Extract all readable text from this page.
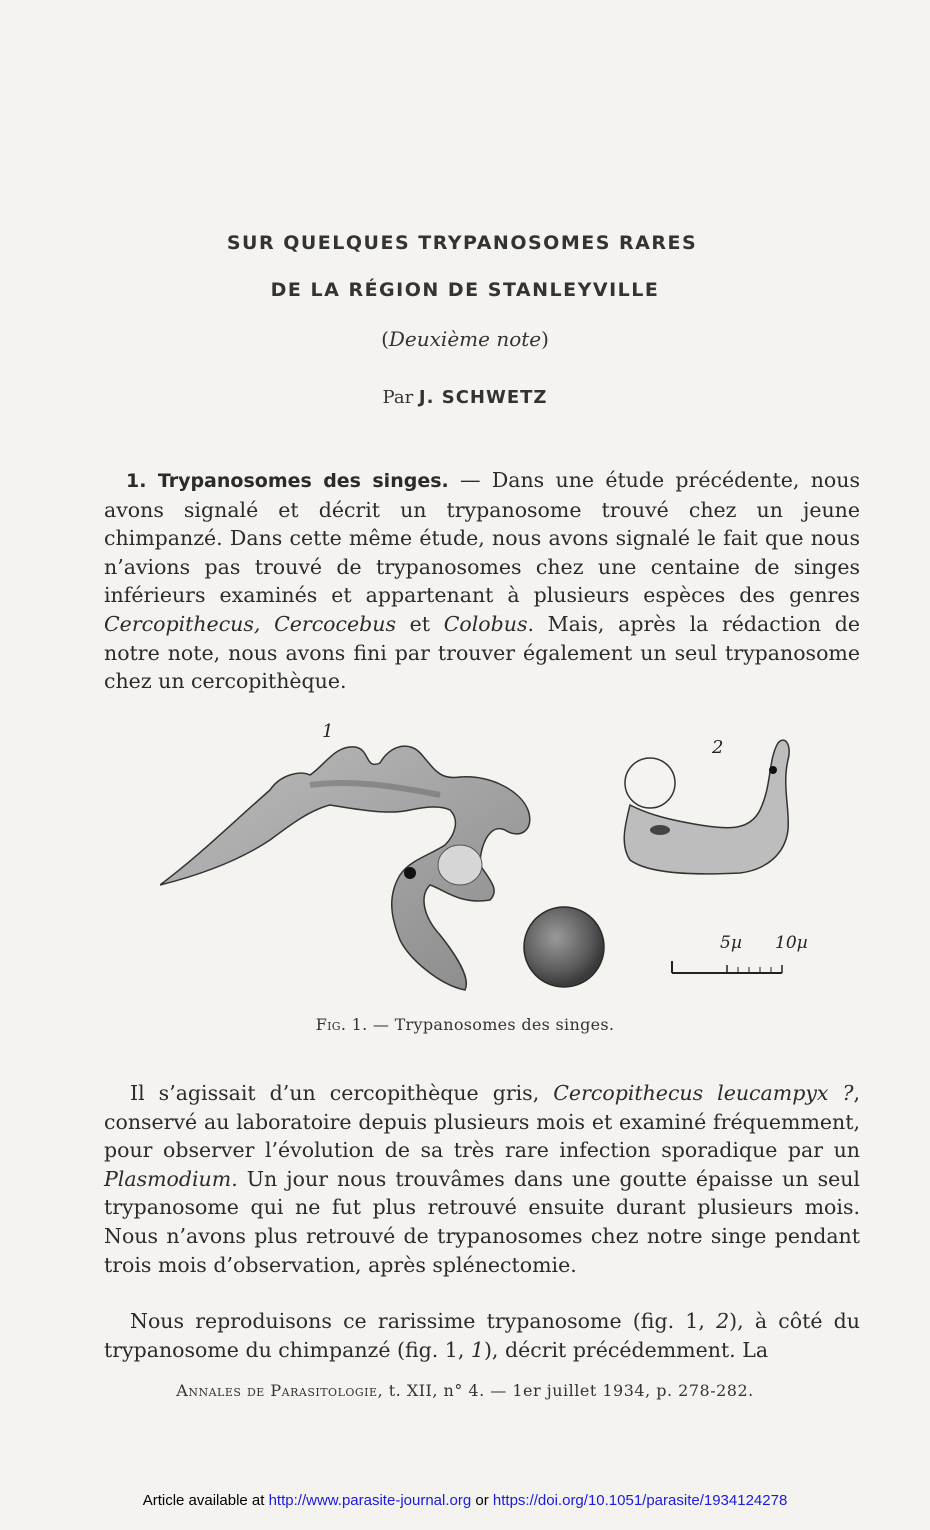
SUR QUELQUES TRYPANOSOMES RARES
DE LA RÉGION DE STANLEYVILLE
(Deuxième note)
Par J. SCHWETZ
1. Trypanosomes des singes. — Dans une étude précédente, nous avons signalé et décrit un trypanosome trouvé chez un jeune chimpanzé. Dans cette même étude, nous avons signalé le fait que nous n’avions pas trouvé de trypanosomes chez une centaine de singes inférieurs examinés et appartenant à plusieurs espèces des genres Cercopithecus, Cercocebus et Colobus. Mais, après la rédaction de notre note, nous avons fini par trouver également un seul trypanosome chez un cercopithèque.
1
2
5µ 10µ
Fig. 1. — Trypanosomes des singes.
Il s’agissait d’un cercopithèque gris, Cercopithecus leucampyx ?, conservé au laboratoire depuis plusieurs mois et examiné fréquemment, pour observer l’évolution de sa très rare infection sporadique par un Plasmodium. Un jour nous trouvâmes dans une goutte épaisse un seul trypanosome qui ne fut plus retrouvé ensuite durant plusieurs mois. Nous n’avons plus retrouvé de trypanosomes chez notre singe pendant trois mois d’observation, après splénectomie.
Nous reproduisons ce rarissime trypanosome (fig. 1, 2), à côté du trypanosome du chimpanzé (fig. 1, 1), décrit précédemment. La
Annales de Parasitologie, t. XII, n° 4. — 1er juillet 1934, p. 278-282.
Article available at http://www.parasite-journal.org or https://doi.org/10.1051/parasite/1934124278
